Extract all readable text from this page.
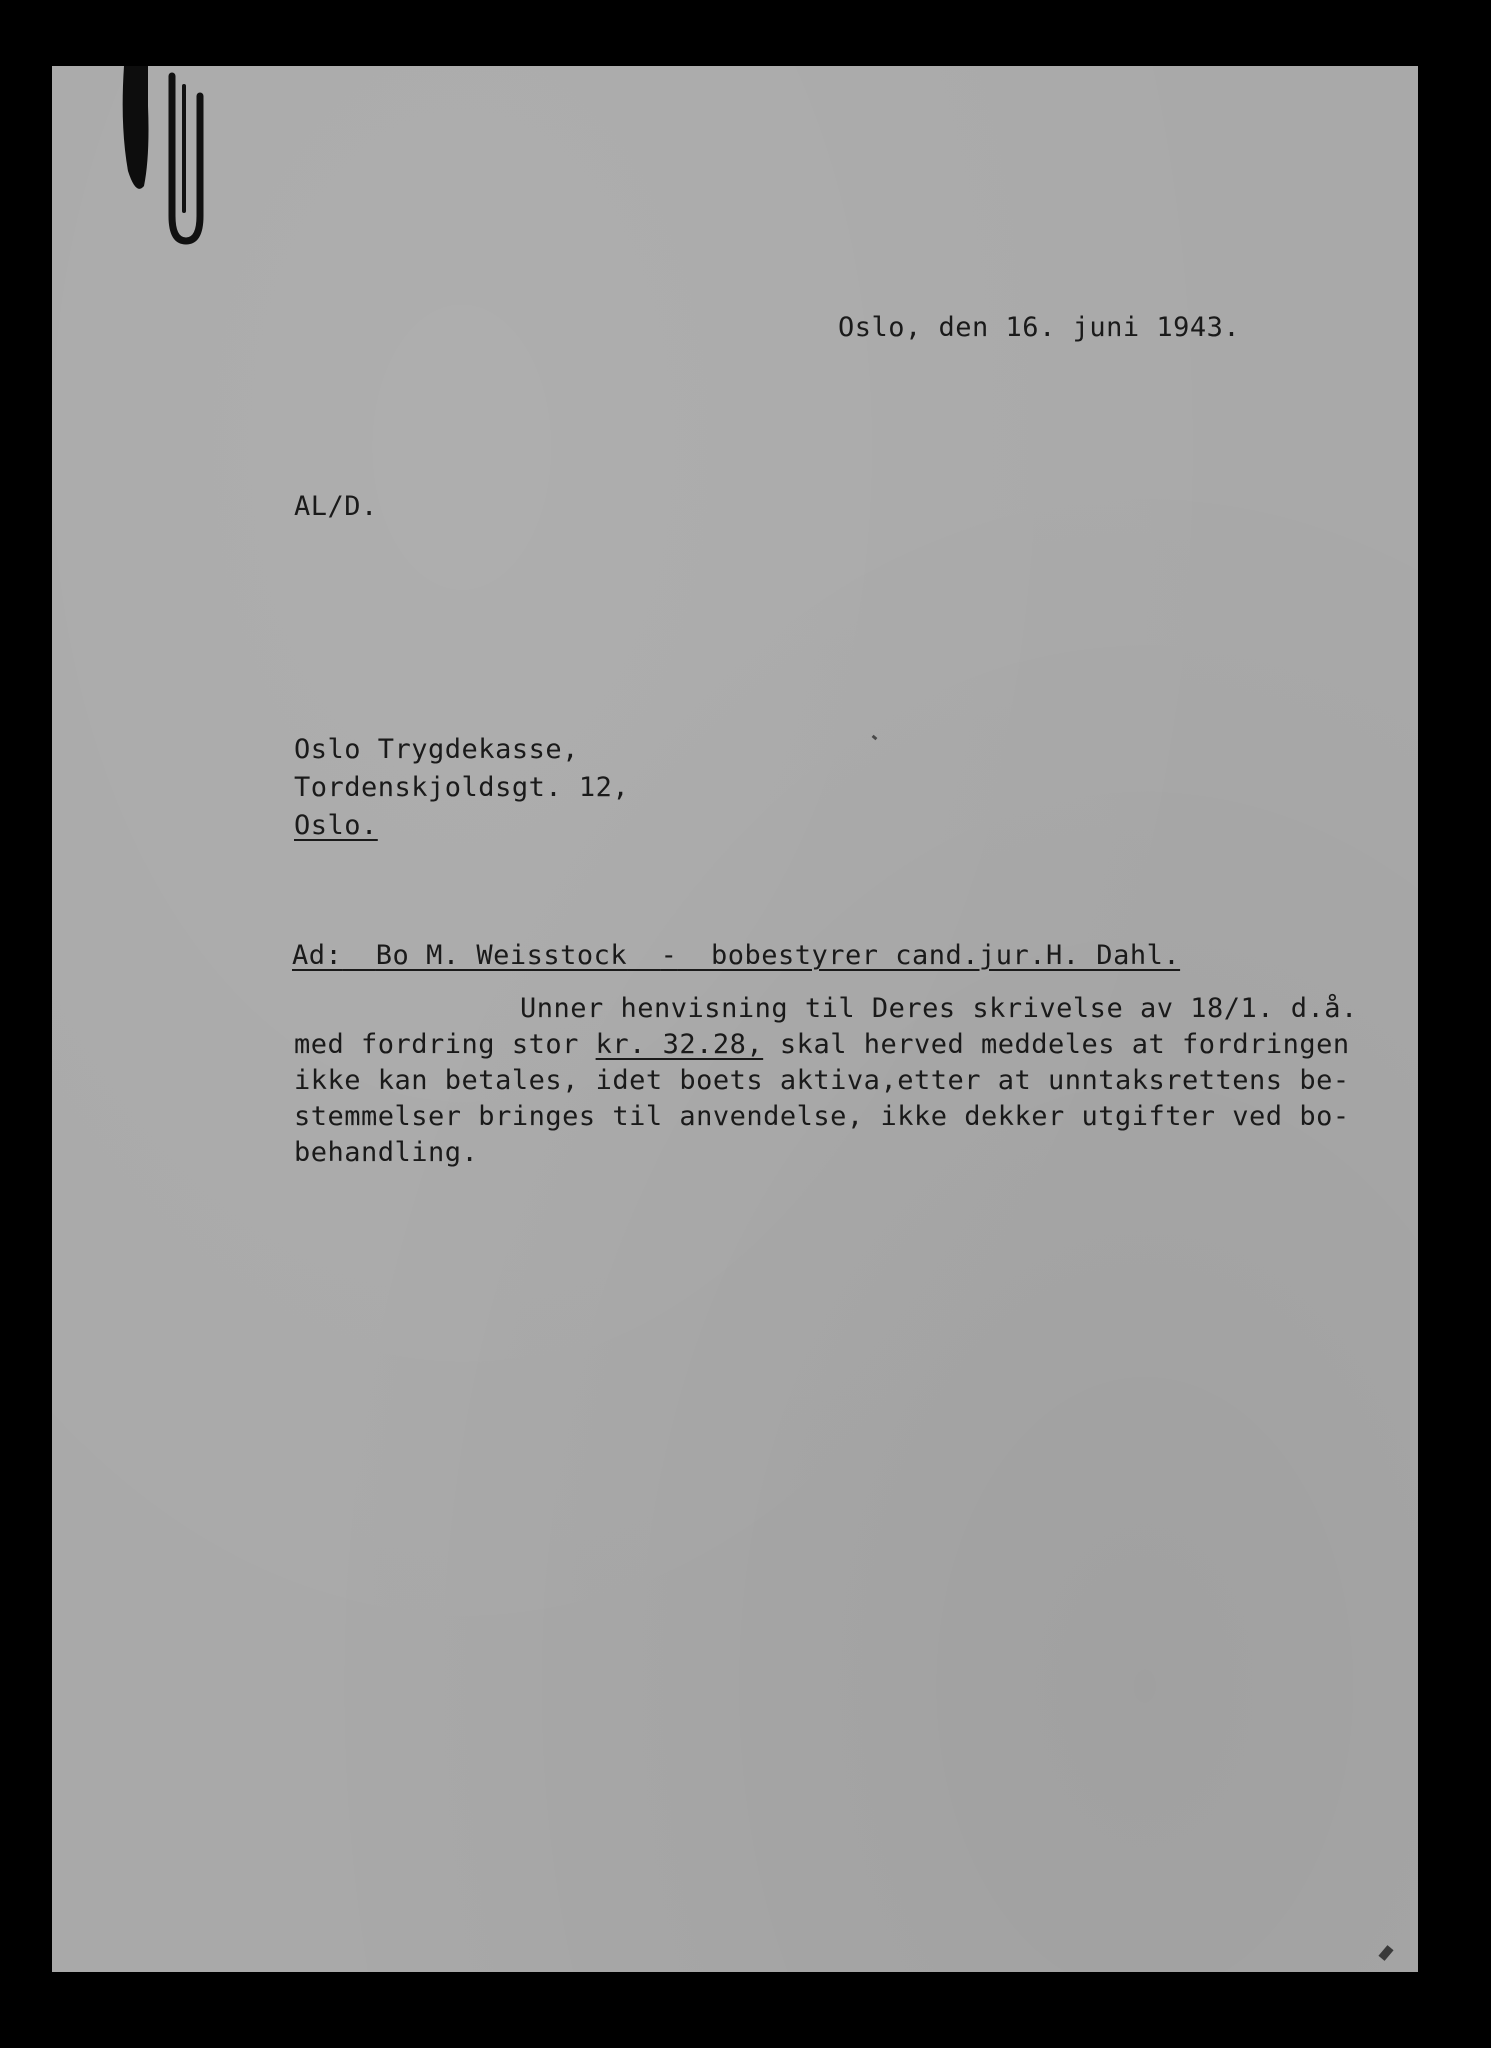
Oslo, den 16. juni 1943.
AL/D.
Oslo Trygdekasse,
Tordenskjoldsgt. 12,
Oslo.
Ad: Bo M. Weisstock - bobestyrer cand.jur.H. Dahl.
Unner henvisning til Deres skrivelse av 18/1. d.å.
med fordring stor kr. 32.28, skal herved meddeles at fordringen
ikke kan betales, idet boets aktiva,etter at unntaksrettens be-
stemmelser bringes til anvendelse, ikke dekker utgifter ved bo-
behandling.
